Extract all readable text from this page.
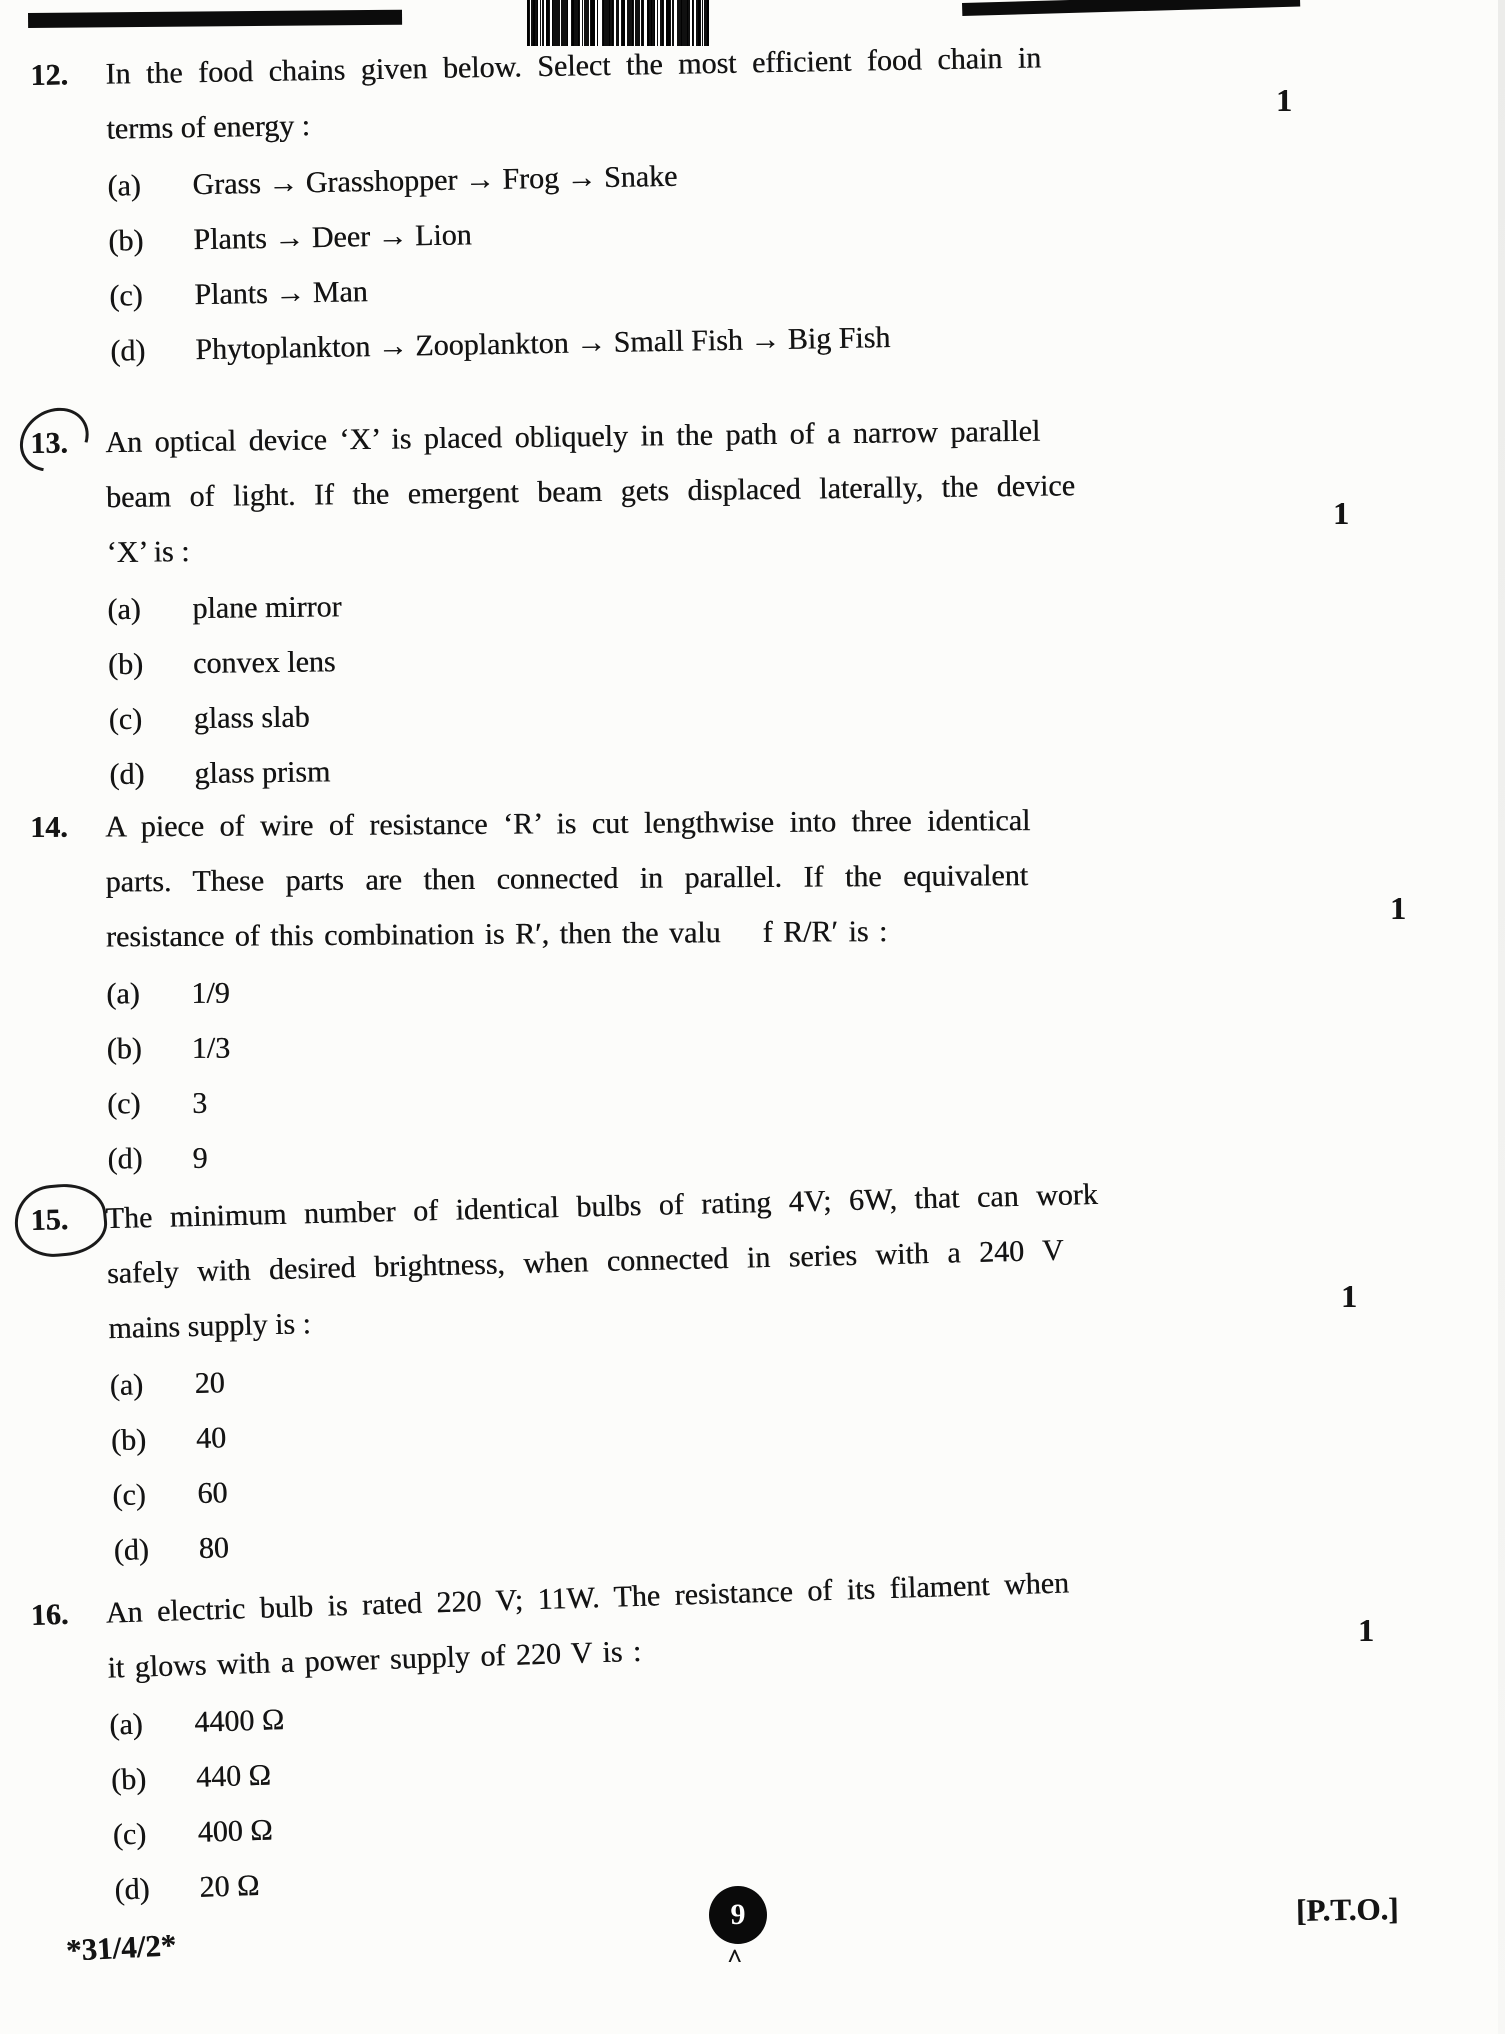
12.	In the food chains given below. Select the most efficient food chain in
terms of energy :
(a)	Grass → Grasshopper → Frog → Snake
(b)	Plants → Deer → Lion
(c)	Plants → Man
(d)	Phytoplankton → Zooplankton → Small Fish → Big Fish
13.	An optical device ‘X’ is placed obliquely in the path of a narrow parallel
beam of light. If the emergent beam gets displaced laterally, the device
‘X’ is :
(a)	plane mirror
(b)	convex lens
(c)	glass slab
(d)	glass prism
14.	A piece of wire of resistance ‘R’ is cut lengthwise into three identical
parts. These parts are then connected in parallel. If the equivalent
resistance of this combination is R′, then the valu    f R/R′ is :
(a)	1/9
(b)	1/3
(c)	3
(d)	9
15.	The minimum number of identical bulbs of rating 4V; 6W, that can work
safely with desired brightness, when connected in series with a 240 V
mains supply is :
(a)	20
(b)	40
(c)	60
(d)	80
16.	An electric bulb is rated 220 V; 11W. The resistance of its filament when
it glows with a power supply of 220 V is :
(a)	4400 Ω
(b)	440 Ω
(c)	400 Ω
(d)	20 Ω
1
1
1
1
1
*31/4/2*
9
^
[P.T.O.]
